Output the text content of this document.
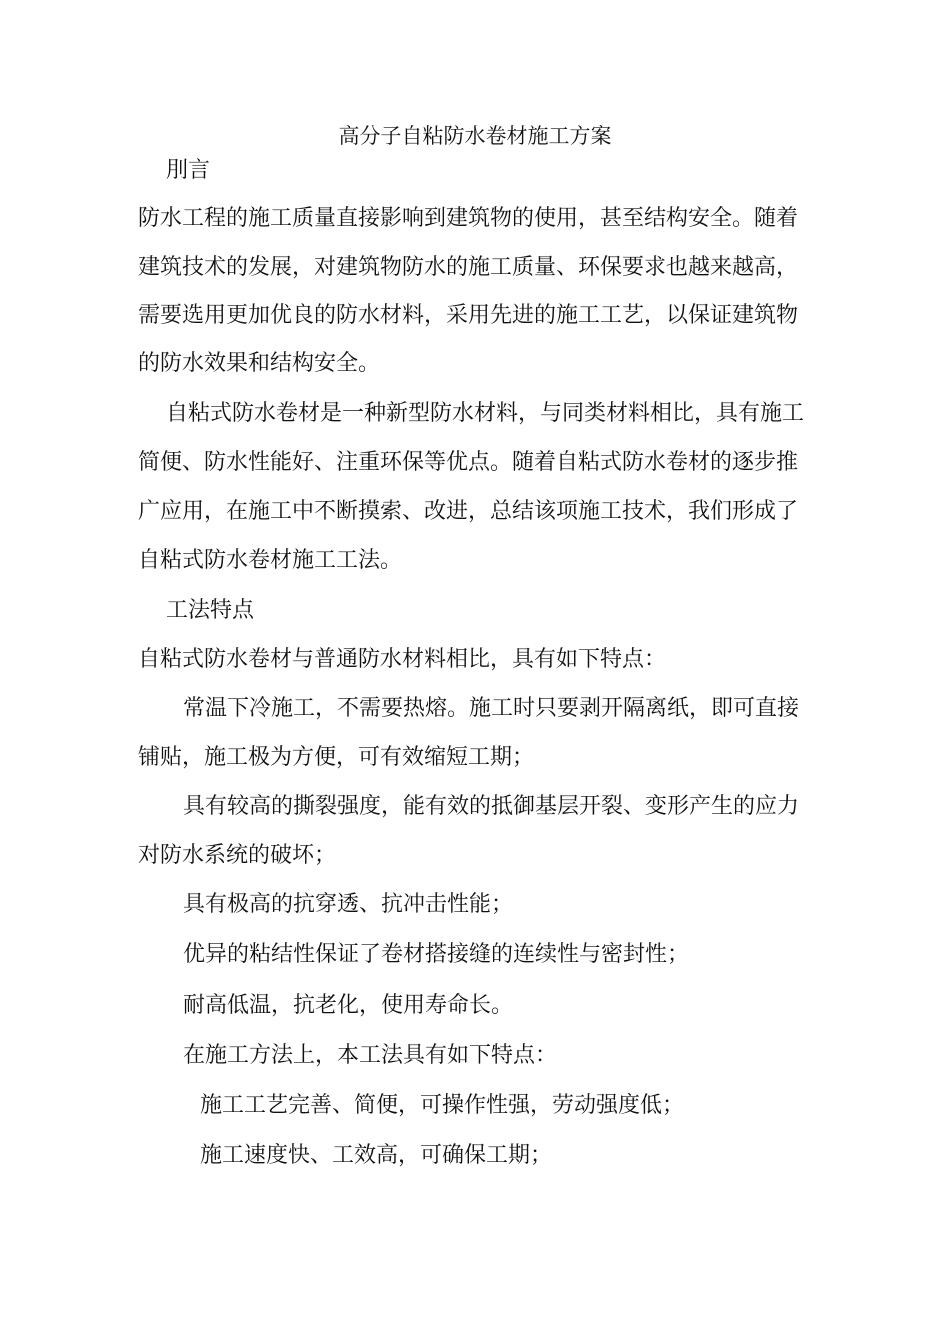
高分子自粘防水卷材施工方案
刖言
防水工程的施工质量直接影响到建筑物的使用，甚至结构安全。随着
建筑技术的发展，对建筑物防水的施工质量、环保要求也越来越高，
需要选用更加优良的防水材料，采用先进的施工工艺，以保证建筑物
的防水效果和结构安全。
自粘式防水卷材是一种新型防水材料，与同类材料相比，具有施工
简便、防水性能好、注重环保等优点。随着自粘式防水卷材的逐步推
广应用，在施工中不断摸索、改进，总结该项施工技术，我们形成了
自粘式防水卷材施工工法。
工法特点
自粘式防水卷材与普通防水材料相比，具有如下特点：
常温下冷施工，不需要热熔。施工时只要剥开隔离纸，即可直接
铺贴，施工极为方便，可有效缩短工期；
具有较高的撕裂强度，能有效的抵御基层开裂、变形产生的应力
对防水系统的破坏；
具有极高的抗穿透、抗冲击性能；
优异的粘结性保证了卷材搭接缝的连续性与密封性；
耐高低温，抗老化，使用寿命长。
在施工方法上，本工法具有如下特点：
施工工艺完善、简便，可操作性强，劳动强度低；
施工速度快、工效高，可确保工期；
